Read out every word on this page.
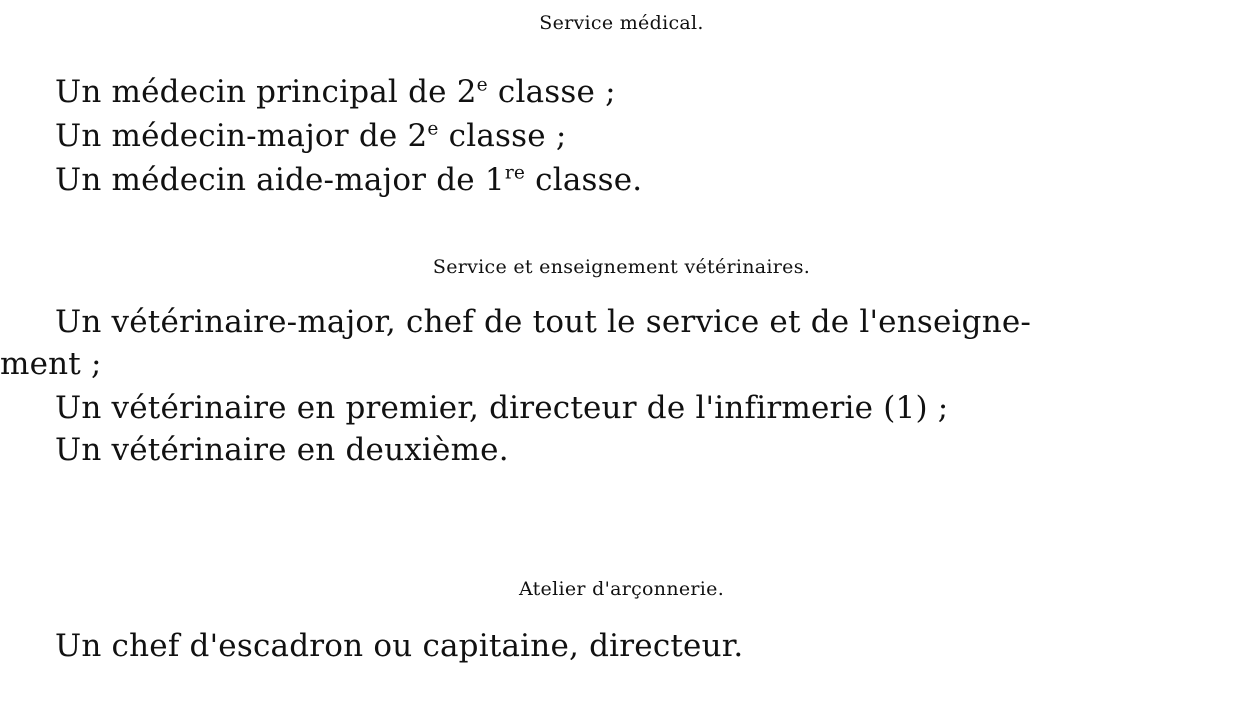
Service médical.
Un médecin principal de 2e classe ;
Un médecin-major de 2e classe ;
Un médecin aide-major de 1re classe.
Service et enseignement vétérinaires.
Un vétérinaire-major, chef de tout le service et de l'enseigne-
ment ;
Un vétérinaire en premier, directeur de l'infirmerie (1) ;
Un vétérinaire en deuxième.
Atelier d'arçonnerie.
Un chef d'escadron ou capitaine, directeur.
